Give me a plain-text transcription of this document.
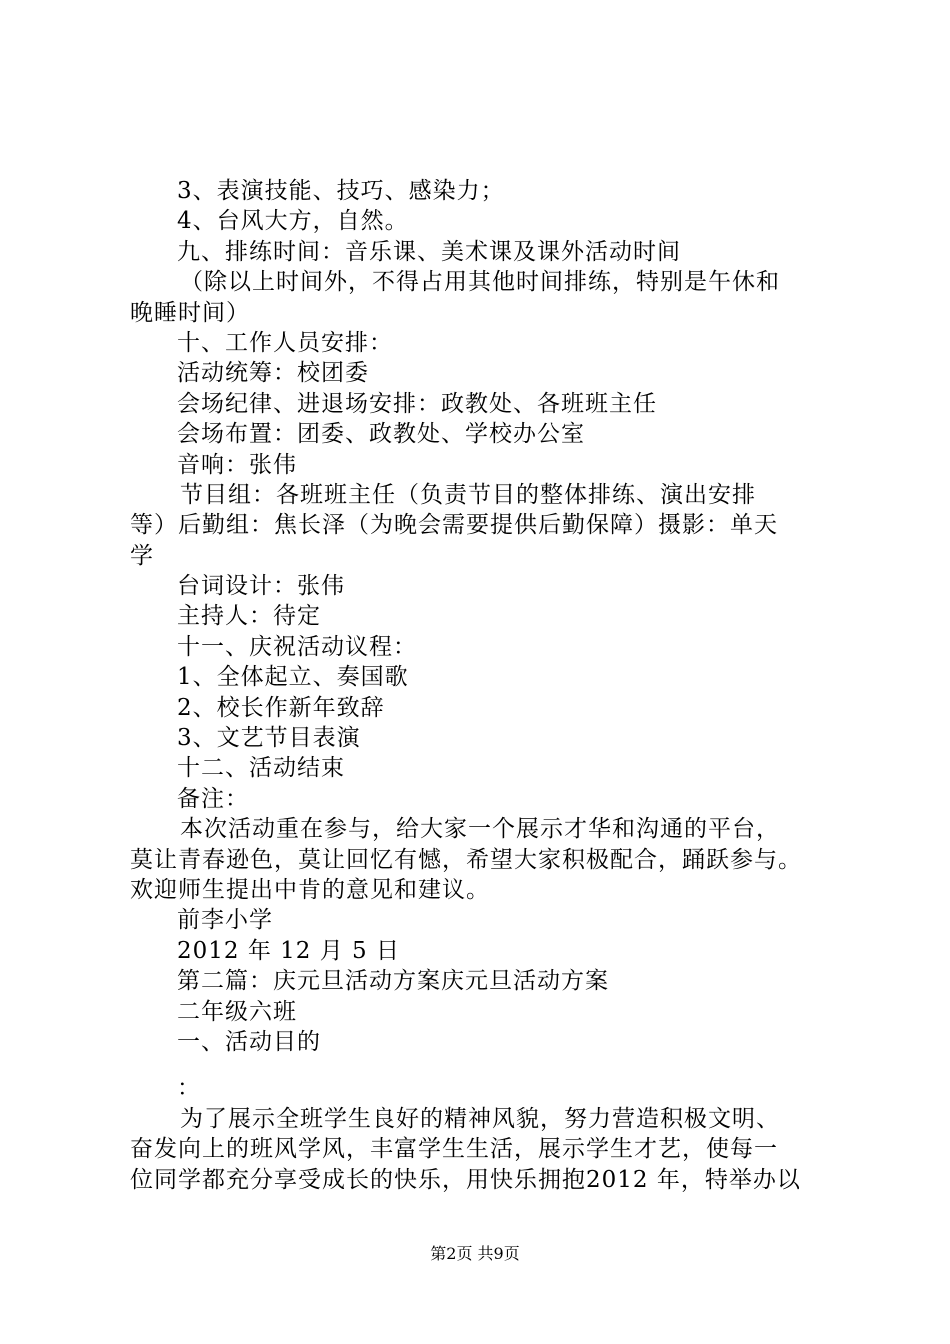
3、表演技能、技巧、感染力；
4、台风大方，自然。
九、排练时间：音乐课、美术课及课外活动时间
（除以上时间外，不得占用其他时间排练，特别是午休和
晚睡时间）
十、工作人员安排：
活动统筹：校团委
会场纪律、进退场安排：政教处、各班班主任
会场布置：团委、政教处、学校办公室
音响：张伟
节目组：各班班主任（负责节目的整体排练、演出安排
等）后勤组：焦长泽（为晚会需要提供后勤保障）摄影：单天
学
台词设计：张伟
主持人：待定
十一、庆祝活动议程：
1、全体起立、奏国歌
2、校长作新年致辞
3、文艺节目表演
十二、活动结束
备注：
本次活动重在参与，给大家一个展示才华和沟通的平台，
莫让青春逊色，莫让回忆有憾，希望大家积极配合，踊跃参与。
欢迎师生提出中肯的意见和建议。
前李小学
2012 年 12 月 5 日
第二篇：庆元旦活动方案庆元旦活动方案
二年级六班
一、活动目的
：
为了展示全班学生良好的精神风貌，努力营造积极文明、
奋发向上的班风学风，丰富学生生活，展示学生才艺，使每一
位同学都充分享受成长的快乐，用快乐拥抱2012 年，特举办以
第2页 共9页
